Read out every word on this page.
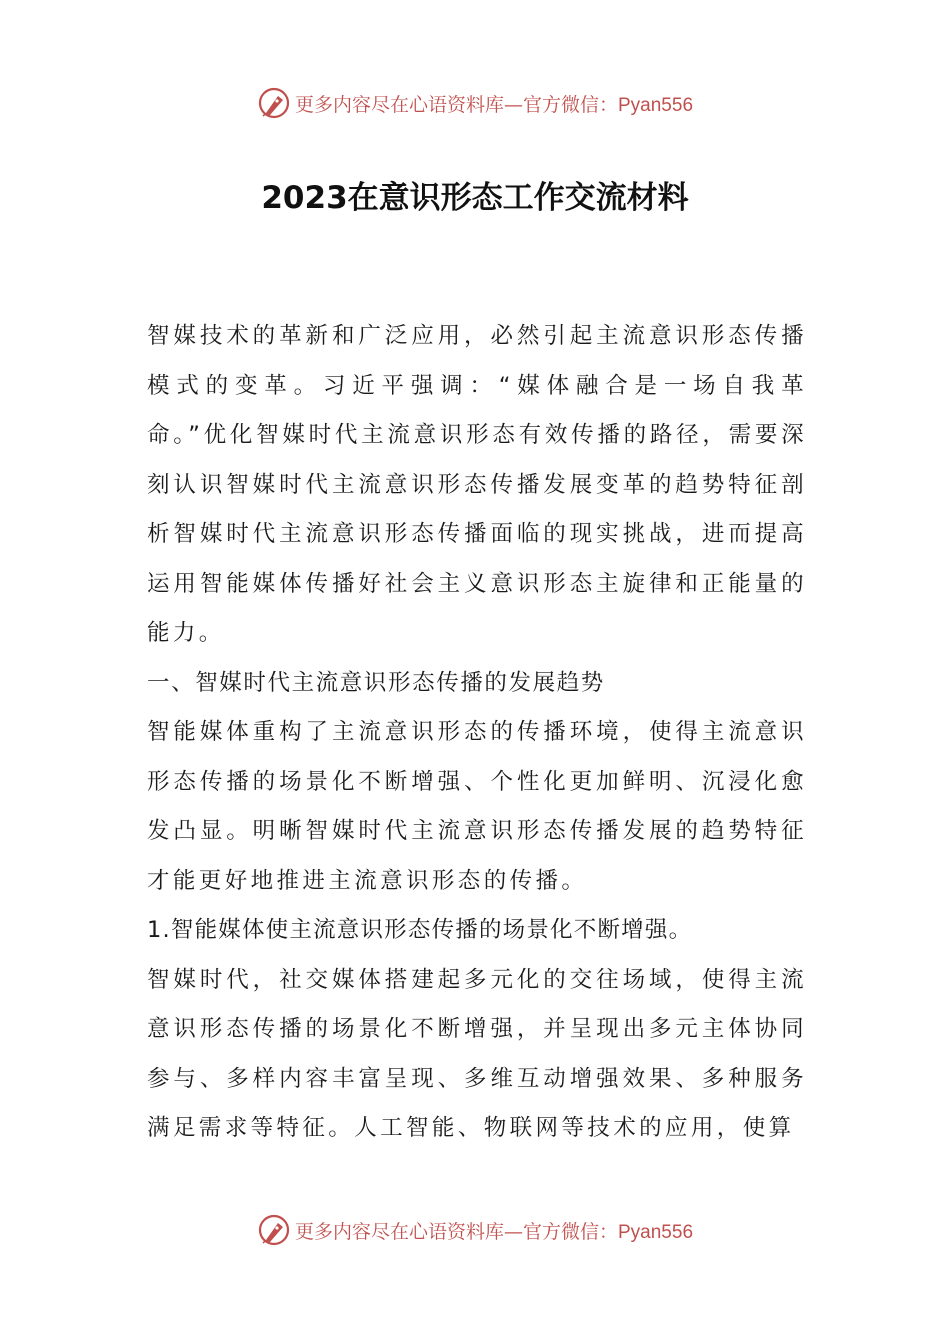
更多内容尽在心语资料库—官方微信：Pyan556
2023在意识形态工作交流材料

智媒技术的革新和广泛应用，必然引起主流意识形态传播模式的变革。习近平强调：“媒体融合是一场自我革命。”优化智媒时代主流意识形态有效传播的路径，需要深刻认识智媒时代主流意识形态传播发展变革的趋势特征剖析智媒时代主流意识形态传播面临的现实挑战，进而提高运用智能媒体传播好社会主义意识形态主旋律和正能量的能力。

一、智媒时代主流意识形态传播的发展趋势

智能媒体重构了主流意识形态的传播环境，使得主流意识形态传播的场景化不断增强、个性化更加鲜明、沉浸化愈发凸显。明晰智媒时代主流意识形态传播发展的趋势特征才能更好地推进主流意识形态的传播。

1.智能媒体使主流意识形态传播的场景化不断增强。

智媒时代，社交媒体搭建起多元化的交往场域，使得主流意识形态传播的场景化不断增强，并呈现出多元主体协同参与、多样内容丰富呈现、多维互动增强效果、多种服务满足需求等特征。人工智能、物联网等技术的应用，使算

更多内容尽在心语资料库—官方微信：Pyan556
